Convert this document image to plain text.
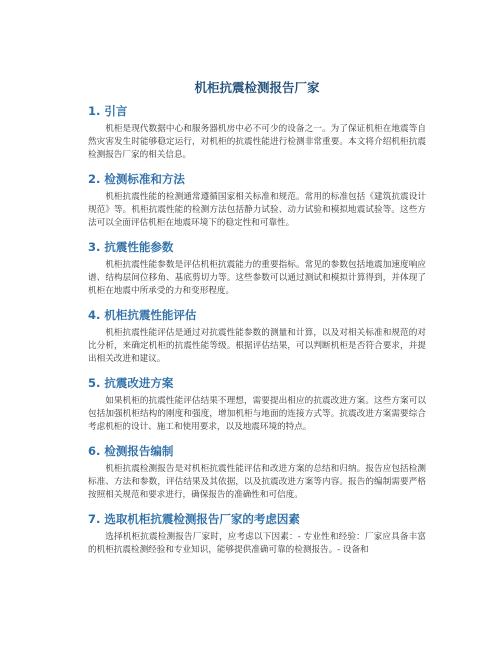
机柜抗震检测报告厂家
1. 引言

机柜是现代数据中心和服务器机房中必不可少的设备之一。为了保证机柜在地震等自然灾害发生时能够稳定运行，对机柜的抗震性能进行检测非常重要。本文将介绍机柜抗震检测报告厂家的相关信息。

2. 检测标准和方法

机柜抗震性能的检测通常遵循国家相关标准和规范。常用的标准包括《建筑抗震设计规范》等。机柜抗震性能的检测方法包括静力试验、动力试验和模拟地震试验等。这些方法可以全面评估机柜在地震环境下的稳定性和可靠性。

3. 抗震性能参数

机柜抗震性能参数是评估机柜抗震能力的重要指标。常见的参数包括地震加速度响应谱、结构层间位移角、基底剪切力等。这些参数可以通过测试和模拟计算得到，并体现了机柜在地震中所承受的力和变形程度。

4. 机柜抗震性能评估

机柜抗震性能评估是通过对抗震性能参数的测量和计算，以及对相关标准和规范的对比分析，来确定机柜的抗震性能等级。根据评估结果，可以判断机柜是否符合要求，并提出相关改进和建议。

5. 抗震改进方案

如果机柜的抗震性能评估结果不理想，需要提出相应的抗震改进方案。这些方案可以包括加强机柜结构的刚度和强度，增加机柜与地面的连接方式等。抗震改进方案需要综合考虑机柜的设计、施工和使用要求，以及地震环境的特点。

6. 检测报告编制

机柜抗震检测报告是对机柜抗震性能评估和改进方案的总结和归纳。报告应包括检测标准、方法和参数，评估结果及其依据，以及抗震改进方案等内容。报告的编制需要严格按照相关规范和要求进行，确保报告的准确性和可信度。

7. 选取机柜抗震检测报告厂家的考虑因素

选择机柜抗震检测报告厂家时，应考虑以下因素：- 专业性和经验：厂家应具备丰富的机柜抗震检测经验和专业知识，能够提供准确可靠的检测报告。- 设备和
